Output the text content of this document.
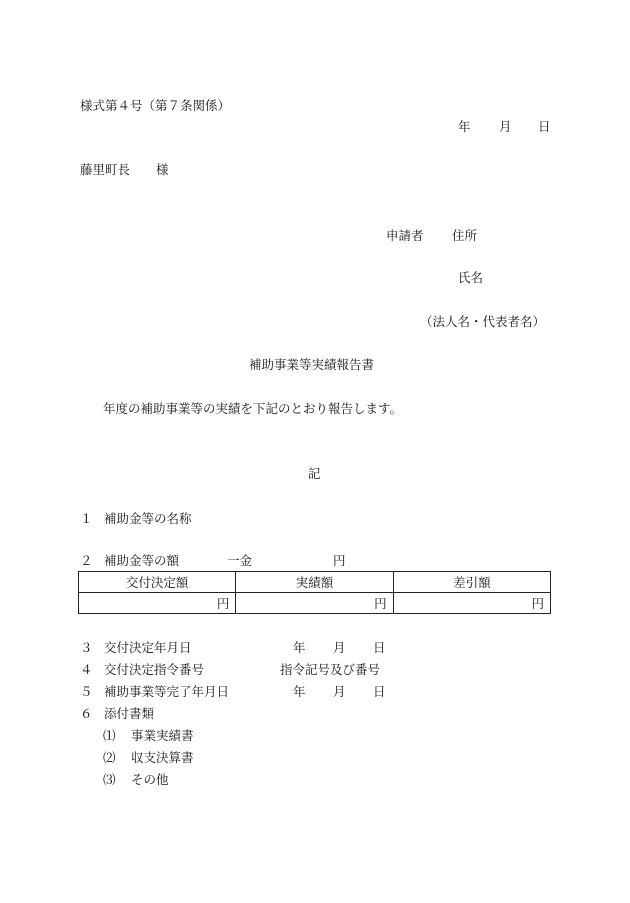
様式第４号（第７条関係）
年 月 日
藤里町長 様
申請者 住所
氏名
（法人名・代表者名）
補助事業等実績報告書
年度の補助事業等の実績を下記のとおり報告します。
記
１ 補助金等の名称
２ 補助金等の額	一金	円
交付決定額	実績額	差引額
円	円	円
３ 交付決定年月日	年 月 日
４ 交付決定指令番号	指令記号及び番号
５ 補助事業等完了年月日	年 月 日
６ 添付書類
⑴ 事業実績書
⑵ 収支決算書
⑶ その他
